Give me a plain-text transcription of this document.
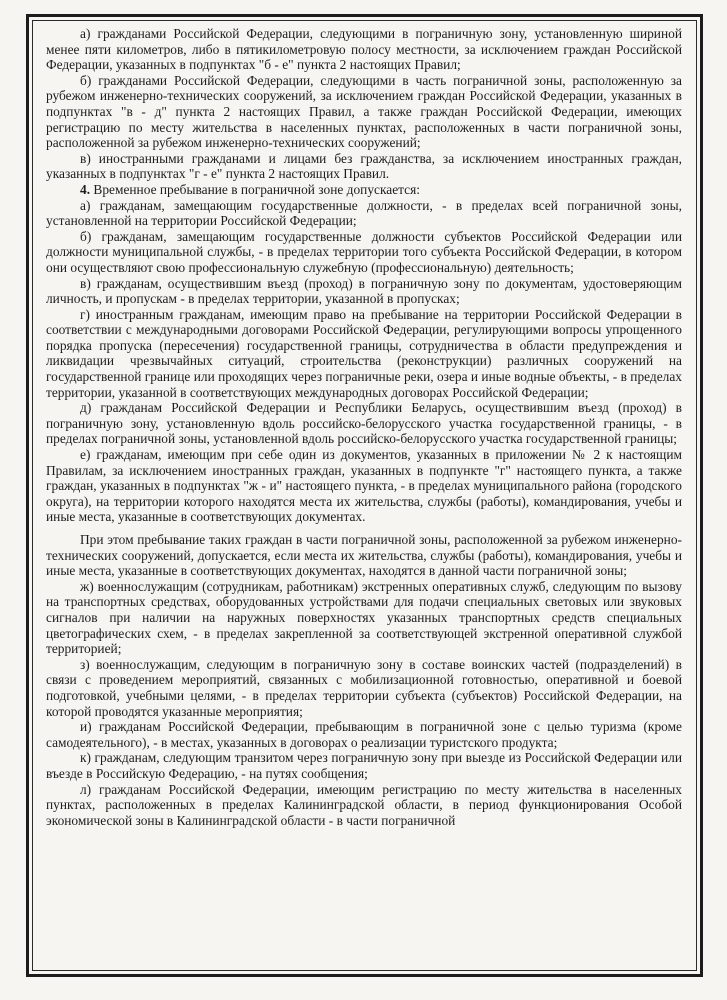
а) гражданами Российской Федерации, следующими в пограничную зону, установленную шириной менее пяти километров, либо в пятикилометровую полосу местности, за исключением граждан Российской Федерации, указанных в подпунктах "б - е" пункта 2 настоящих Правил;

б) гражданами Российской Федерации, следующими в часть пограничной зоны, расположенную за рубежом инженерно-технических сооружений, за исключением граждан Российской Федерации, указанных в подпунктах "в - д" пункта 2 настоящих Правил, а также граждан Российской Федерации, имеющих регистрацию по месту жительства в населенных пунктах, расположенных в части пограничной зоны, расположенной за рубежом инженерно-технических сооружений;

в) иностранными гражданами и лицами без гражданства, за исключением иностранных граждан, указанных в подпунктах "г - е" пункта 2 настоящих Правил.

4. Временное пребывание в пограничной зоне допускается:

а) гражданам, замещающим государственные должности, - в пределах всей пограничной зоны, установленной на территории Российской Федерации;

б) гражданам, замещающим государственные должности субъектов Российской Федерации или должности муниципальной службы, - в пределах территории того субъекта Российской Федерации, в котором они осуществляют свою профессиональную служебную (профессиональную) деятельность;

в) гражданам, осуществившим въезд (проход) в пограничную зону по документам, удостоверяющим личность, и пропускам - в пределах территории, указанной в пропусках;

г) иностранным гражданам, имеющим право на пребывание на территории Российской Федерации в соответствии с международными договорами Российской Федерации, регулирующими вопросы упрощенного порядка пропуска (пересечения) государственной границы, сотрудничества в области предупреждения и ликвидации чрезвычайных ситуаций, строительства (реконструкции) различных сооружений на государственной границе или проходящих через пограничные реки, озера и иные водные объекты, - в пределах территории, указанной в соответствующих международных договорах Российской Федерации;

д) гражданам Российской Федерации и Республики Беларусь, осуществившим въезд (проход) в пограничную зону, установленную вдоль российско-белорусского участка государственной границы, - в пределах пограничной зоны, установленной вдоль российско-белорусского участка государственной границы;

е) гражданам, имеющим при себе один из документов, указанных в приложении № 2 к настоящим Правилам, за исключением иностранных граждан, указанных в подпункте "г" настоящего пункта, а также граждан, указанных в подпунктах "ж - и" настоящего пункта, - в пределах муниципального района (городского округа), на территории которого находятся места их жительства, службы (работы), командирования, учебы и иные места, указанные в соответствующих документах.

При этом пребывание таких граждан в части пограничной зоны, расположенной за рубежом инженерно-технических сооружений, допускается, если места их жительства, службы (работы), командирования, учебы и иные места, указанные в соответствующих документах, находятся в данной части пограничной зоны;

ж) военнослужащим (сотрудникам, работникам) экстренных оперативных служб, следующим по вызову на транспортных средствах, оборудованных устройствами для подачи специальных световых или звуковых сигналов при наличии на наружных поверхностях указанных транспортных средств специальных цветографических схем, - в пределах закрепленной за соответствующей экстренной оперативной службой территорией;

з) военнослужащим, следующим в пограничную зону в составе воинских частей (подразделений) в связи с проведением мероприятий, связанных с мобилизационной готовностью, оперативной и боевой подготовкой, учебными целями, - в пределах территории субъекта (субъектов) Российской Федерации, на которой проводятся указанные мероприятия;

и) гражданам Российской Федерации, пребывающим в пограничной зоне с целью туризма (кроме самодеятельного), - в местах, указанных в договорах о реализации туристского продукта;

к) гражданам, следующим транзитом через пограничную зону при выезде из Российской Федерации или въезде в Российскую Федерацию, - на путях сообщения;

л) гражданам Российской Федерации, имеющим регистрацию по месту жительства в населенных пунктах, расположенных в пределах Калининградской области, в период функционирования Особой экономической зоны в Калининградской области - в части пограничной
